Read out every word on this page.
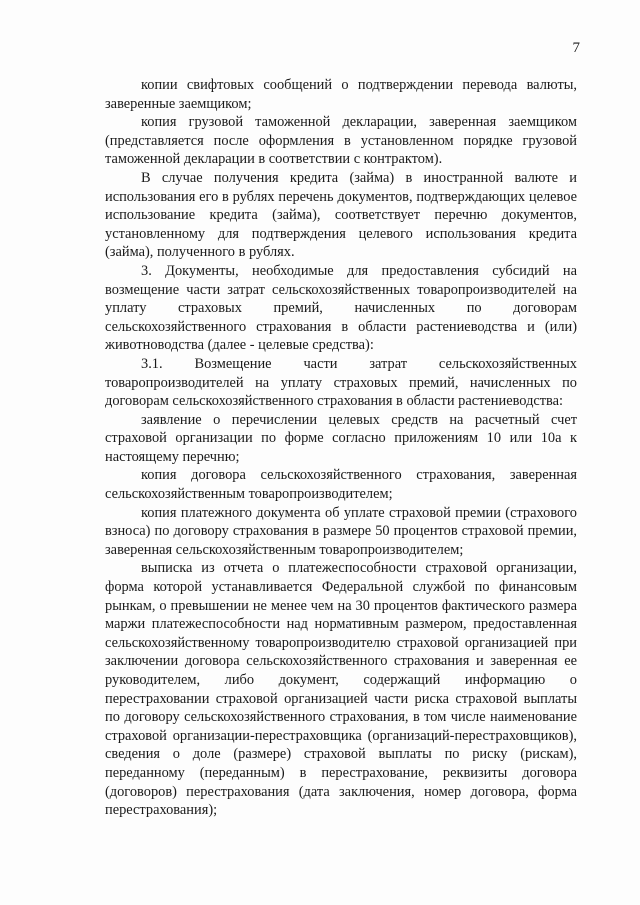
7

копии свифтовых сообщений о подтверждении перевода валюты, заверенные заемщиком;

копия грузовой таможенной декларации, заверенная заемщиком (представляется после оформления в установленном порядке грузовой таможенной декларации в соответствии с контрактом).

В случае получения кредита (займа) в иностранной валюте и использования его в рублях перечень документов, подтверждающих целевое использование кредита (займа), соответствует перечню документов, установленному для подтверждения целевого использования кредита (займа), полученного в рублях.

3. Документы, необходимые для предоставления субсидий на возмещение части затрат сельскохозяйственных товаропроизводителей на уплату страховых премий, начисленных по договорам сельскохозяйственного страхования в области растениеводства и (или) животноводства (далее - целевые средства):

3.1. Возмещение части затрат сельскохозяйственных товаропроизводителей на уплату страховых премий, начисленных по договорам сельскохозяйственного страхования в области растениеводства:

заявление о перечислении целевых средств на расчетный счет страховой организации по форме согласно приложениям 10 или 10а к настоящему перечню;

копия договора сельскохозяйственного страхования, заверенная сельскохозяйственным товаропроизводителем;

копия платежного документа об уплате страховой премии (страхового взноса) по договору страхования в размере 50 процентов страховой премии, заверенная сельскохозяйственным товаропроизводителем;

выписка из отчета о платежеспособности страховой организации, форма которой устанавливается Федеральной службой по финансовым рынкам, о превышении не менее чем на 30 процентов фактического размера маржи платежеспособности над нормативным размером, предоставленная сельскохозяйственному товаропроизводителю страховой организацией при заключении договора сельскохозяйственного страхования и заверенная ее руководителем, либо документ, содержащий информацию о перестраховании страховой организацией части риска страховой выплаты по договору сельскохозяйственного страхования, в том числе наименование страховой организации-перестраховщика (организаций-перестраховщиков), сведения о доле (размере) страховой выплаты по риску (рискам), переданному (переданным) в перестрахование, реквизиты договора (договоров) перестрахования (дата заключения, номер договора, форма перестрахования);
